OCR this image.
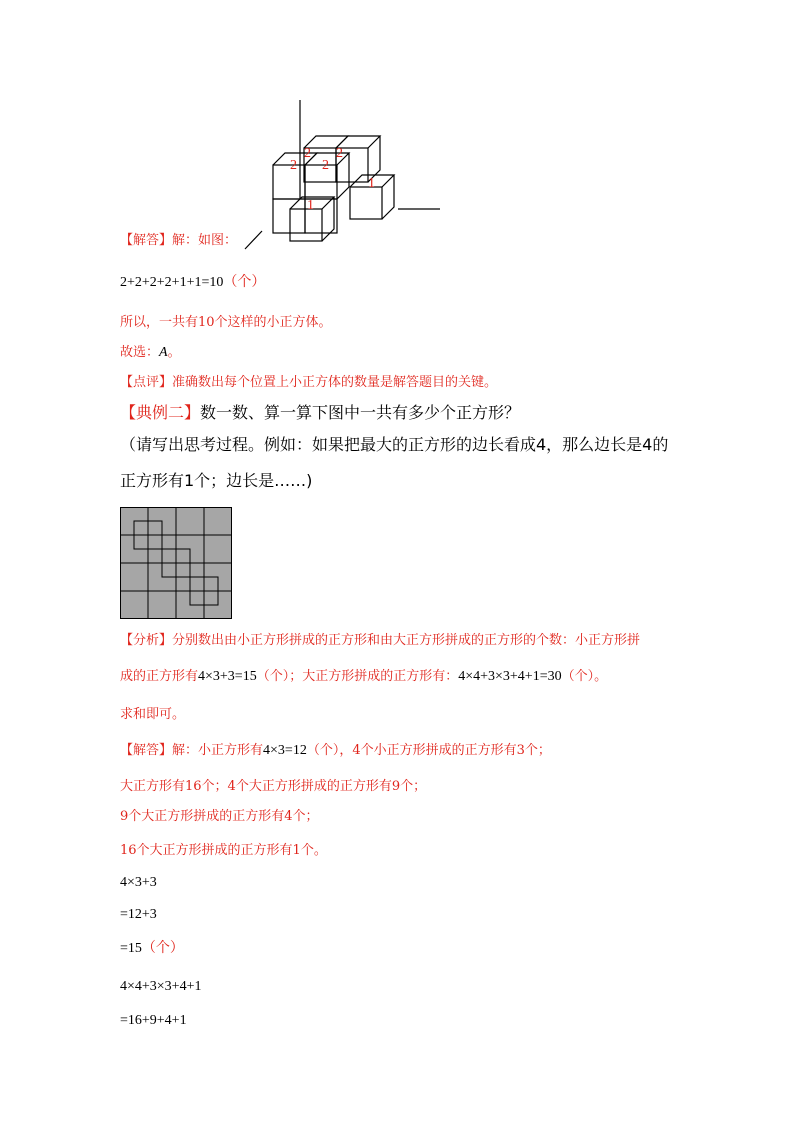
2 2
2 2
1
1
【解答】解：如图：
2+2+2+2+1+1=10（个）
所以，一共有10个这样的小正方体。
故选：A。
【点评】准确数出每个位置上小正方体的数量是解答题目的关键。
【典例二】数一数、算一算下图中一共有多少个正方形？
（请写出思考过程。例如：如果把最大的正方形的边长看成4，那么边长是4的
正方形有1个；边长是……)
【分析】分别数出由小正方形拼成的正方形和由大正方形拼成的正方形的个数：小正方形拼
成的正方形有4×3+3=15（个）；大正方形拼成的正方形有：4×4+3×3+4+1=30（个）。
求和即可。
【解答】解：小正方形有4×3=12（个），4个小正方形拼成的正方形有3个；
大正方形有16个；4个大正方形拼成的正方形有9个；
9个大正方形拼成的正方形有4个；
16个大正方形拼成的正方形有1个。
4×3+3
=12+3
=15（个）
4×4+3×3+4+1
=16+9+4+1
